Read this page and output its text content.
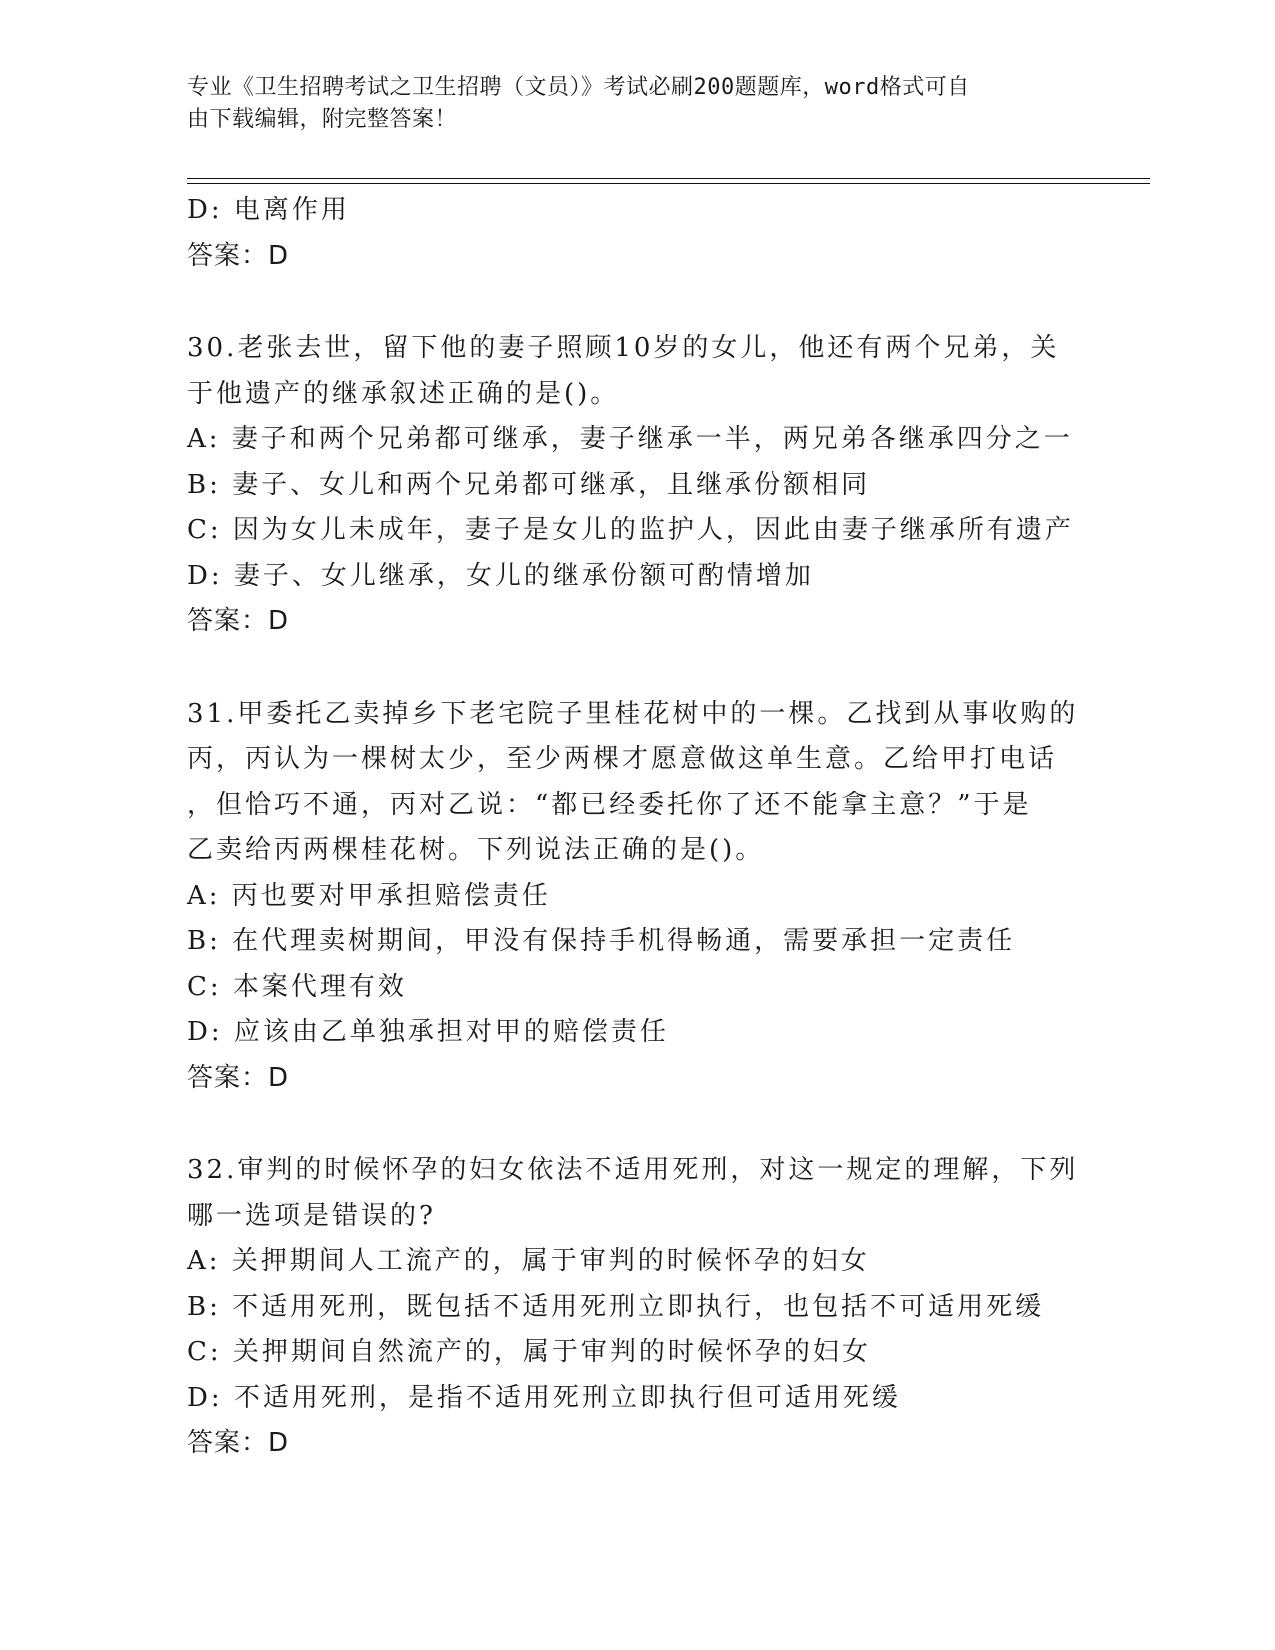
专业《卫生招聘考试之卫生招聘（文员）》考试必刷200题题库，word格式可自
由下载编辑，附完整答案！
D: 电离作用
答案：D
30.老张去世，留下他的妻子照顾10岁的女儿，他还有两个兄弟，关
于他遗产的继承叙述正确的是()。
A: 妻子和两个兄弟都可继承，妻子继承一半，两兄弟各继承四分之一
B: 妻子、女儿和两个兄弟都可继承，且继承份额相同
C: 因为女儿未成年，妻子是女儿的监护人，因此由妻子继承所有遗产
D: 妻子、女儿继承，女儿的继承份额可酌情增加
答案：D
31.甲委托乙卖掉乡下老宅院子里桂花树中的一棵。乙找到从事收购的
丙，丙认为一棵树太少，至少两棵才愿意做这单生意。乙给甲打电话
，但恰巧不通，丙对乙说：“都已经委托你了还不能拿主意？”于是
乙卖给丙两棵桂花树。下列说法正确的是()。
A: 丙也要对甲承担赔偿责任
B: 在代理卖树期间，甲没有保持手机得畅通，需要承担一定责任
C: 本案代理有效
D: 应该由乙单独承担对甲的赔偿责任
答案：D
32.审判的时候怀孕的妇女依法不适用死刑，对这一规定的理解，下列
哪一选项是错误的?
A: 关押期间人工流产的，属于审判的时候怀孕的妇女
B: 不适用死刑，既包括不适用死刑立即执行，也包括不可适用死缓
C: 关押期间自然流产的，属于审判的时候怀孕的妇女
D: 不适用死刑，是指不适用死刑立即执行但可适用死缓
答案：D
